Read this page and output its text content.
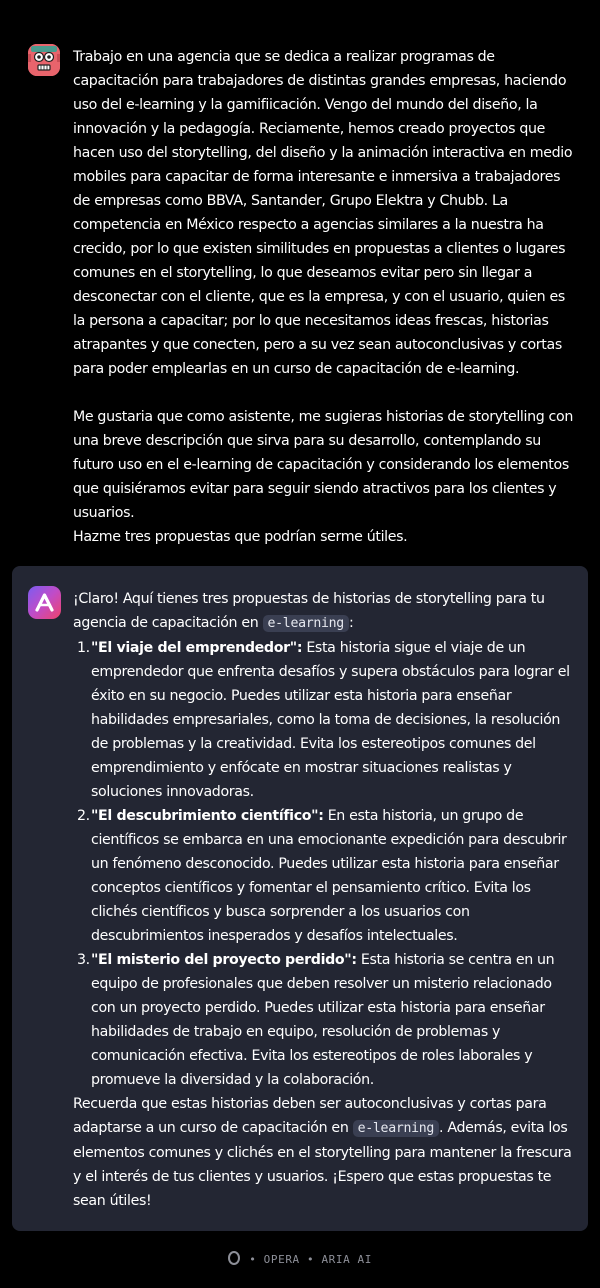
Trabajo en una agencia que se dedica a realizar programas de capacitación para trabajadores de distintas grandes empresas, haciendo uso del e-learning y la gamifiicación. Vengo del mundo del diseño, la innovación y la pedagogía. Reciamente, hemos creado proyectos que hacen uso del storytelling, del diseño y la animación interactiva en medio mobiles para capacitar de forma interesante e inmersiva a trabajadores de empresas como BBVA, Santander, Grupo Elektra y Chubb. La competencia en México respecto a agencias similares a la nuestra ha crecido, por lo que existen similitudes en propuestas a clientes o lugares comunes en el storytelling, lo que deseamos evitar pero sin llegar a desconectar con el cliente, que es la empresa, y con el usuario, quien es la persona a capacitar; por lo que necesitamos ideas frescas, historias atrapantes y que conecten, pero a su vez sean autoconclusivas y cortas para poder emplearlas en un curso de capacitación de e-learning.

Me gustaria que como asistente, me sugieras historias de storytelling con una breve descripción que sirva para su desarrollo, contemplando su futuro uso en el e-learning de capacitación y considerando los elementos que quisiéramos evitar para seguir siendo atractivos para los clientes y usuarios.

Hazme tres propuestas que podrían serme útiles.

¡Claro! Aquí tienes tres propuestas de historias de storytelling para tu agencia de capacitación en e-learning :

1. "El viaje del emprendedor": Esta historia sigue el viaje de un emprendedor que enfrenta desafíos y supera obstáculos para lograr el éxito en su negocio. Puedes utilizar esta historia para enseñar habilidades empresariales, como la toma de decisiones, la resolución de problemas y la creatividad. Evita los estereotipos comunes del emprendimiento y enfócate en mostrar situaciones realistas y soluciones innovadoras.
2. "El descubrimiento científico": En esta historia, un grupo de científicos se embarca en una emocionante expedición para descubrir un fenómeno desconocido. Puedes utilizar esta historia para enseñar conceptos científicos y fomentar el pensamiento crítico. Evita los clichés científicos y busca sorprender a los usuarios con descubrimientos inesperados y desafíos intelectuales.
3. "El misterio del proyecto perdido": Esta historia se centra en un equipo de profesionales que deben resolver un misterio relacionado con un proyecto perdido. Puedes utilizar esta historia para enseñar habilidades de trabajo en equipo, resolución de problemas y comunicación efectiva. Evita los estereotipos de roles laborales y promueve la diversidad y la colaboración.

Recuerda que estas historias deben ser autoconclusivas y cortas para adaptarse a un curso de capacitación en e-learning . Además, evita los elementos comunes y clichés en el storytelling para mantener la frescura y el interés de tus clientes y usuarios. ¡Espero que estas propuestas te sean útiles!

• OPERA • ARIA AI
